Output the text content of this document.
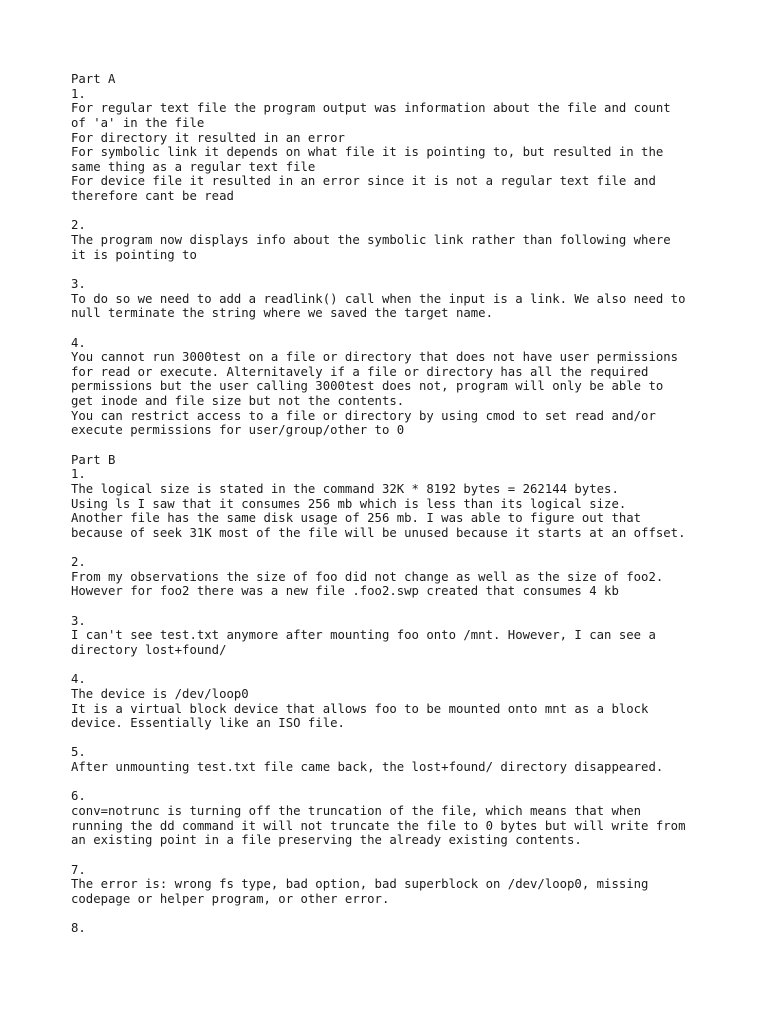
Part A
1.
For regular text file the program output was information about the file and count
of 'a' in the file
For directory it resulted in an error
For symbolic link it depends on what file it is pointing to, but resulted in the
same thing as a regular text file
For device file it resulted in an error since it is not a regular text file and
therefore cant be read
2.
The program now displays info about the symbolic link rather than following where
it is pointing to
3.
To do so we need to add a readlink() call when the input is a link. We also need to
null terminate the string where we saved the target name.
4.
You cannot run 3000test on a file or directory that does not have user permissions
for read or execute. Alternitavely if a file or directory has all the required
permissions but the user calling 3000test does not, program will only be able to
get inode and file size but not the contents.
You can restrict access to a file or directory by using cmod to set read and/or
execute permissions for user/group/other to 0
Part B
1.
The logical size is stated in the command 32K * 8192 bytes = 262144 bytes.
Using ls I saw that it consumes 256 mb which is less than its logical size.
Another file has the same disk usage of 256 mb. I was able to figure out that
because of seek 31K most of the file will be unused because it starts at an offset.
2.
From my observations the size of foo did not change as well as the size of foo2.
However for foo2 there was a new file .foo2.swp created that consumes 4 kb
3.
I can't see test.txt anymore after mounting foo onto /mnt. However, I can see a
directory lost+found/
4.
The device is /dev/loop0
It is a virtual block device that allows foo to be mounted onto mnt as a block
device. Essentially like an ISO file.
5.
After unmounting test.txt file came back, the lost+found/ directory disappeared.
6.
conv=notrunc is turning off the truncation of the file, which means that when
running the dd command it will not truncate the file to 0 bytes but will write from
an existing point in a file preserving the already existing contents.
7.
The error is: wrong fs type, bad option, bad superblock on /dev/loop0, missing
codepage or helper program, or other error.
8.
